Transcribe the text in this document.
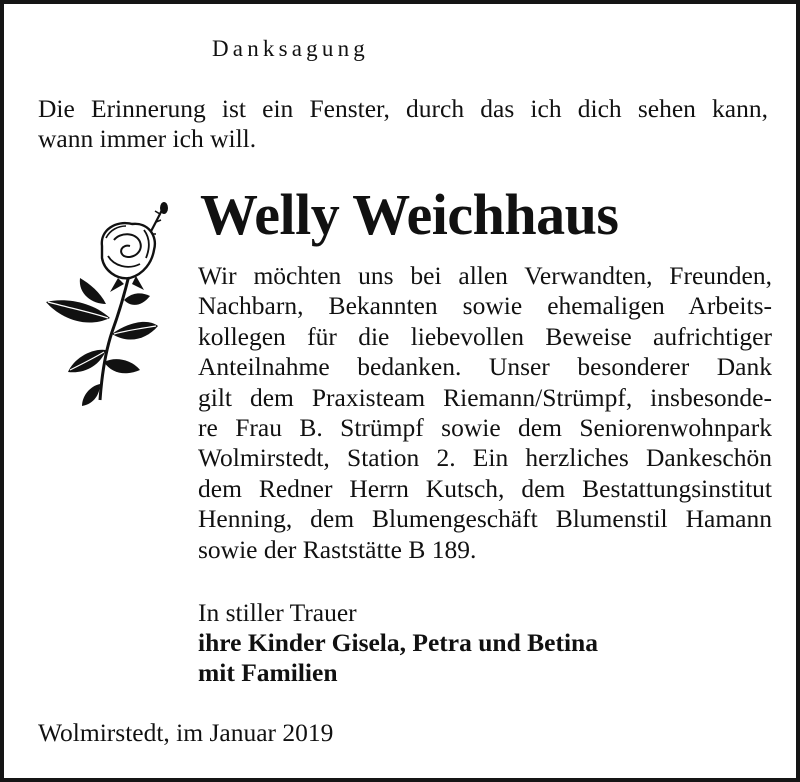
Danksagung
Die Erinnerung ist ein Fenster, durch das ich dich sehen kann,
wann immer ich will.
Welly Weichhaus
Wir möchten uns bei allen Verwandten, Freunden,
Nachbarn, Bekannten sowie ehemaligen Arbeits-
kollegen für die liebevollen Beweise aufrichtiger
Anteilnahme bedanken. Unser besonderer Dank
gilt dem Praxisteam Riemann/Strümpf, insbesonde-
re Frau B. Strümpf sowie dem Seniorenwohnpark
Wolmirstedt, Station 2. Ein herzliches Dankeschön
dem Redner Herrn Kutsch, dem Bestattungsinstitut
Henning, dem Blumengeschäft Blumenstil Hamann
sowie der Raststätte B 189.
In stiller Trauer
ihre Kinder Gisela, Petra und Betina
mit Familien
Wolmirstedt, im Januar 2019
